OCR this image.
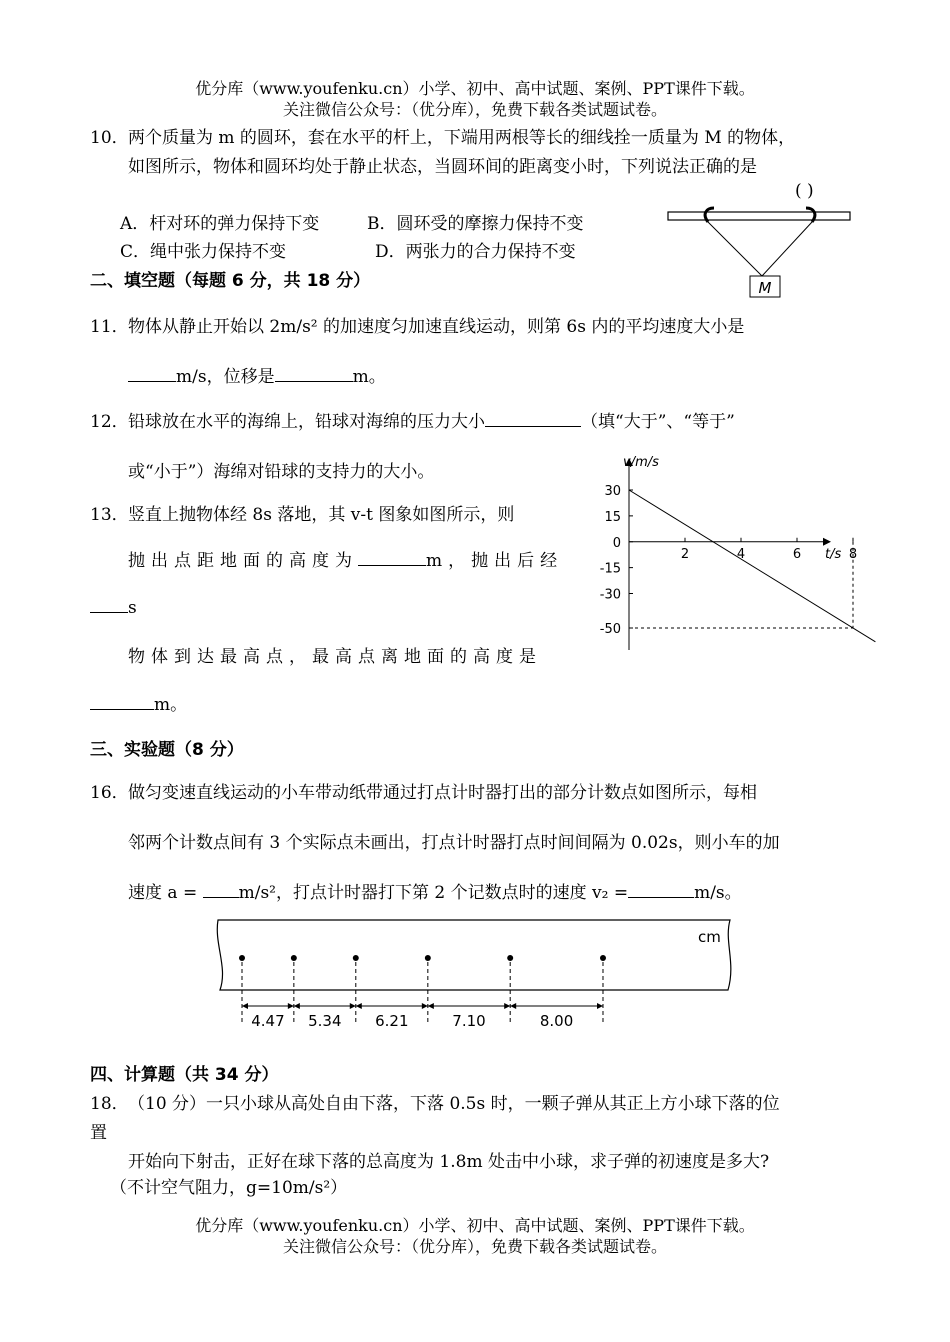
优分库（www.youfenku.cn）小学、初中、高中试题、案例、PPT课件下载。
关注微信公众号：（优分库），免费下载各类试题试卷。
10． 两个质量为 m 的圆环，套在水平的杆上，下端用两根等长的细线拴一质量为 M 的物体，
如图所示，物体和圆环均处于静止状态，当圆环间的距离变小时，下列说法正确的是
( )
A．杆对环的弹力保持下变	B．圆环受的摩擦力保持不变
C．绳中张力保持不变	D．两张力的合力保持不变
M
二、填空题（每题 6 分，共 18 分）
11． 物体从静止开始以 2m/s² 的加速度匀加速直线运动，则第 6s 内的平均速度大小是
m/s，位移是	m。
12． 铅球放在水平的海绵上，铅球对海绵的压力大小	（填“大于”、“等于”
或“小于”）海绵对铅球的支持力的大小。
13． 竖直上抛物体经 8s 落地，其 v-t 图象如图所示，则
抛出点距地面的高度为	m，抛出后经
s
物体到达最高点，最高点离地面的高度是
m。
v/m/s
t/s
30
15
0
-15
-30
-50
2	4	6	8
三、实验题（8 分）
16． 做匀变速直线运动的小车带动纸带通过打点计时器打出的部分计数点如图所示，每相
邻两个计数点间有 3 个实际点未画出，打点计时器打点时间间隔为 0.02s，则小车的加
速度 a = m/s²，打点计时器打下第 2 个记数点时的速度 v₂ =	m/s。
cm
4.47 5.34 6.21	7.10	8.00
四、计算题（共 34 分）
18． （10 分）一只小球从高处自由下落，下落 0.5s 时，一颗子弹从其正上方小球下落的位
置
开始向下射击，正好在球下落的总高度为 1.8m 处击中小球，求子弹的初速度是多大?
（不计空气阻力，g=10m/s²）
优分库（www.youfenku.cn）小学、初中、高中试题、案例、PPT课件下载。
关注微信公众号：（优分库），免费下载各类试题试卷。
